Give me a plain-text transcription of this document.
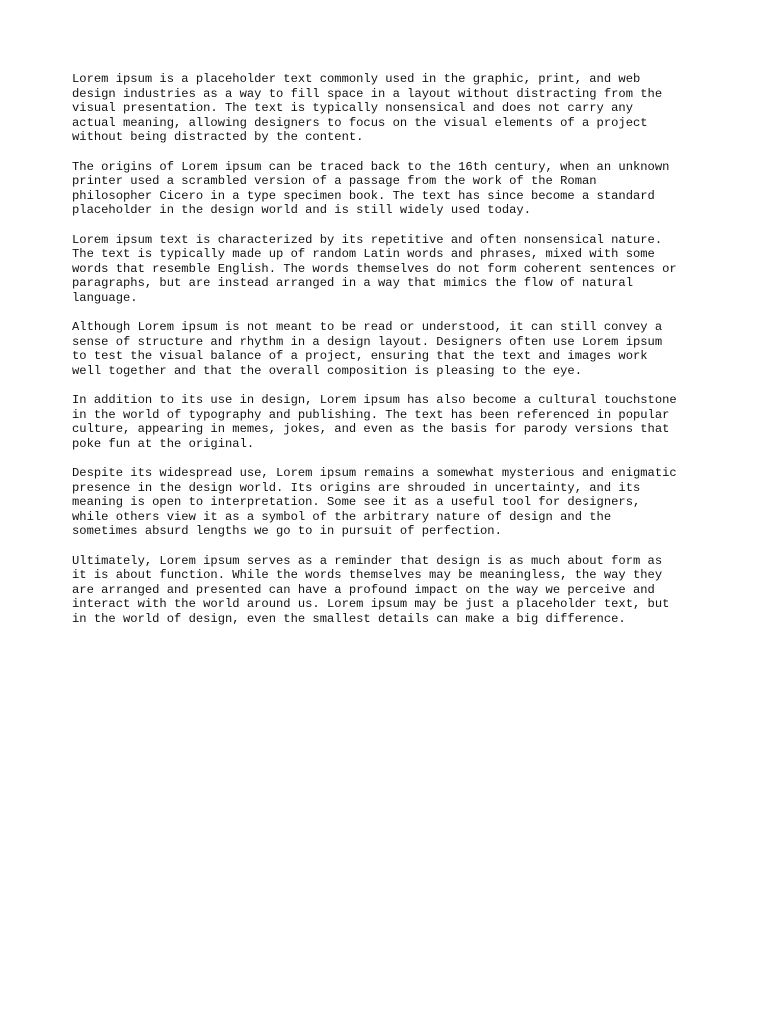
Lorem ipsum is a placeholder text commonly used in the graphic, print, and web
design industries as a way to fill space in a layout without distracting from the
visual presentation. The text is typically nonsensical and does not carry any
actual meaning, allowing designers to focus on the visual elements of a project
without being distracted by the content.

The origins of Lorem ipsum can be traced back to the 16th century, when an unknown
printer used a scrambled version of a passage from the work of the Roman
philosopher Cicero in a type specimen book. The text has since become a standard
placeholder in the design world and is still widely used today.

Lorem ipsum text is characterized by its repetitive and often nonsensical nature.
The text is typically made up of random Latin words and phrases, mixed with some
words that resemble English. The words themselves do not form coherent sentences or
paragraphs, but are instead arranged in a way that mimics the flow of natural
language.

Although Lorem ipsum is not meant to be read or understood, it can still convey a
sense of structure and rhythm in a design layout. Designers often use Lorem ipsum
to test the visual balance of a project, ensuring that the text and images work
well together and that the overall composition is pleasing to the eye.

In addition to its use in design, Lorem ipsum has also become a cultural touchstone
in the world of typography and publishing. The text has been referenced in popular
culture, appearing in memes, jokes, and even as the basis for parody versions that
poke fun at the original.

Despite its widespread use, Lorem ipsum remains a somewhat mysterious and enigmatic
presence in the design world. Its origins are shrouded in uncertainty, and its
meaning is open to interpretation. Some see it as a useful tool for designers,
while others view it as a symbol of the arbitrary nature of design and the
sometimes absurd lengths we go to in pursuit of perfection.

Ultimately, Lorem ipsum serves as a reminder that design is as much about form as
it is about function. While the words themselves may be meaningless, the way they
are arranged and presented can have a profound impact on the way we perceive and
interact with the world around us. Lorem ipsum may be just a placeholder text, but
in the world of design, even the smallest details can make a big difference.
